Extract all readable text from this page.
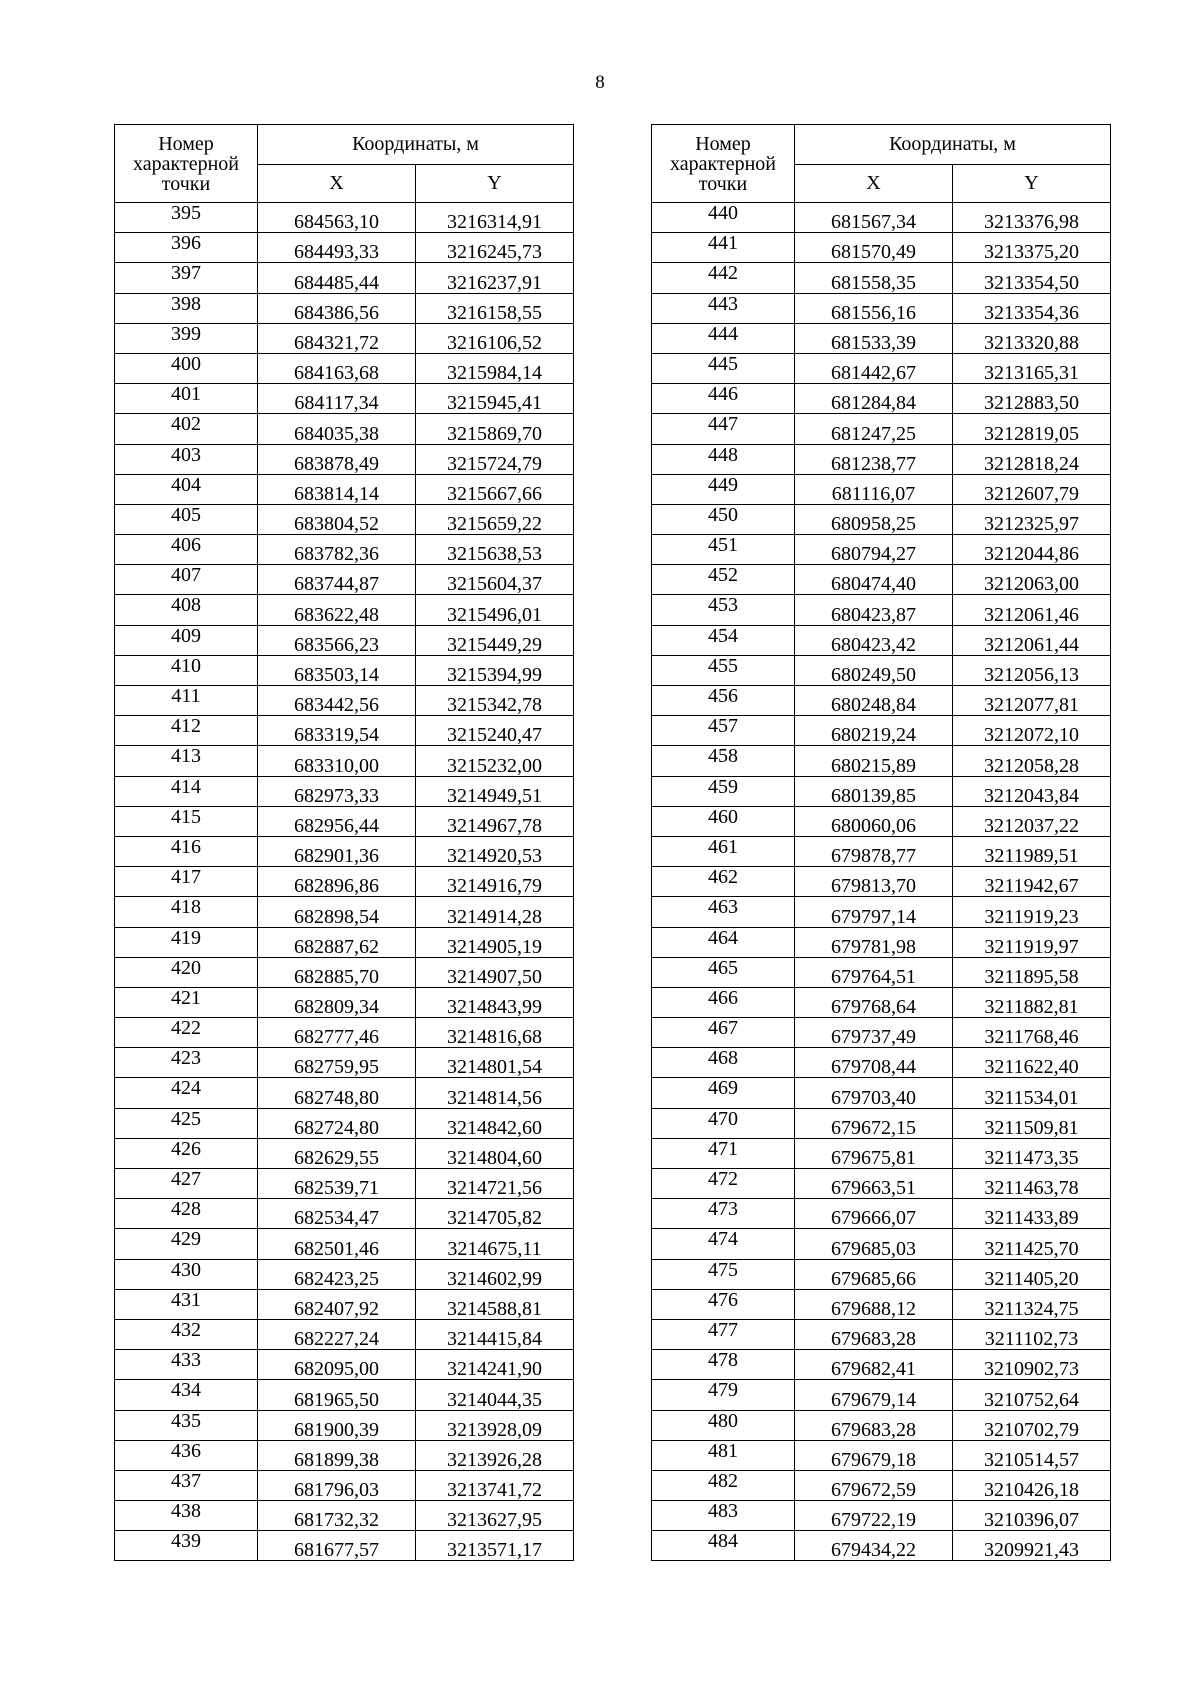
8
Номер характерной точки	Координаты, м	
	X	Y
395	684563,10	3216314,91
396	684493,33	3216245,73
397	684485,44	3216237,91
398	684386,56	3216158,55
399	684321,72	3216106,52
400	684163,68	3215984,14
401	684117,34	3215945,41
402	684035,38	3215869,70
403	683878,49	3215724,79
404	683814,14	3215667,66
405	683804,52	3215659,22
406	683782,36	3215638,53
407	683744,87	3215604,37
408	683622,48	3215496,01
409	683566,23	3215449,29
410	683503,14	3215394,99
411	683442,56	3215342,78
412	683319,54	3215240,47
413	683310,00	3215232,00
414	682973,33	3214949,51
415	682956,44	3214967,78
416	682901,36	3214920,53
417	682896,86	3214916,79
418	682898,54	3214914,28
419	682887,62	3214905,19
420	682885,70	3214907,50
421	682809,34	3214843,99
422	682777,46	3214816,68
423	682759,95	3214801,54
424	682748,80	3214814,56
425	682724,80	3214842,60
426	682629,55	3214804,60
427	682539,71	3214721,56
428	682534,47	3214705,82
429	682501,46	3214675,11
430	682423,25	3214602,99
431	682407,92	3214588,81
432	682227,24	3214415,84
433	682095,00	3214241,90
434	681965,50	3214044,35
435	681900,39	3213928,09
436	681899,38	3213926,28
437	681796,03	3213741,72
438	681732,32	3213627,95
439	681677,57	3213571,17
Номер характерной точки	Координаты, м	
	X	Y
440	681567,34	3213376,98
441	681570,49	3213375,20
442	681558,35	3213354,50
443	681556,16	3213354,36
444	681533,39	3213320,88
445	681442,67	3213165,31
446	681284,84	3212883,50
447	681247,25	3212819,05
448	681238,77	3212818,24
449	681116,07	3212607,79
450	680958,25	3212325,97
451	680794,27	3212044,86
452	680474,40	3212063,00
453	680423,87	3212061,46
454	680423,42	3212061,44
455	680249,50	3212056,13
456	680248,84	3212077,81
457	680219,24	3212072,10
458	680215,89	3212058,28
459	680139,85	3212043,84
460	680060,06	3212037,22
461	679878,77	3211989,51
462	679813,70	3211942,67
463	679797,14	3211919,23
464	679781,98	3211919,97
465	679764,51	3211895,58
466	679768,64	3211882,81
467	679737,49	3211768,46
468	679708,44	3211622,40
469	679703,40	3211534,01
470	679672,15	3211509,81
471	679675,81	3211473,35
472	679663,51	3211463,78
473	679666,07	3211433,89
474	679685,03	3211425,70
475	679685,66	3211405,20
476	679688,12	3211324,75
477	679683,28	3211102,73
478	679682,41	3210902,73
479	679679,14	3210752,64
480	679683,28	3210702,79
481	679679,18	3210514,57
482	679672,59	3210426,18
483	679722,19	3210396,07
484	679434,22	3209921,43
